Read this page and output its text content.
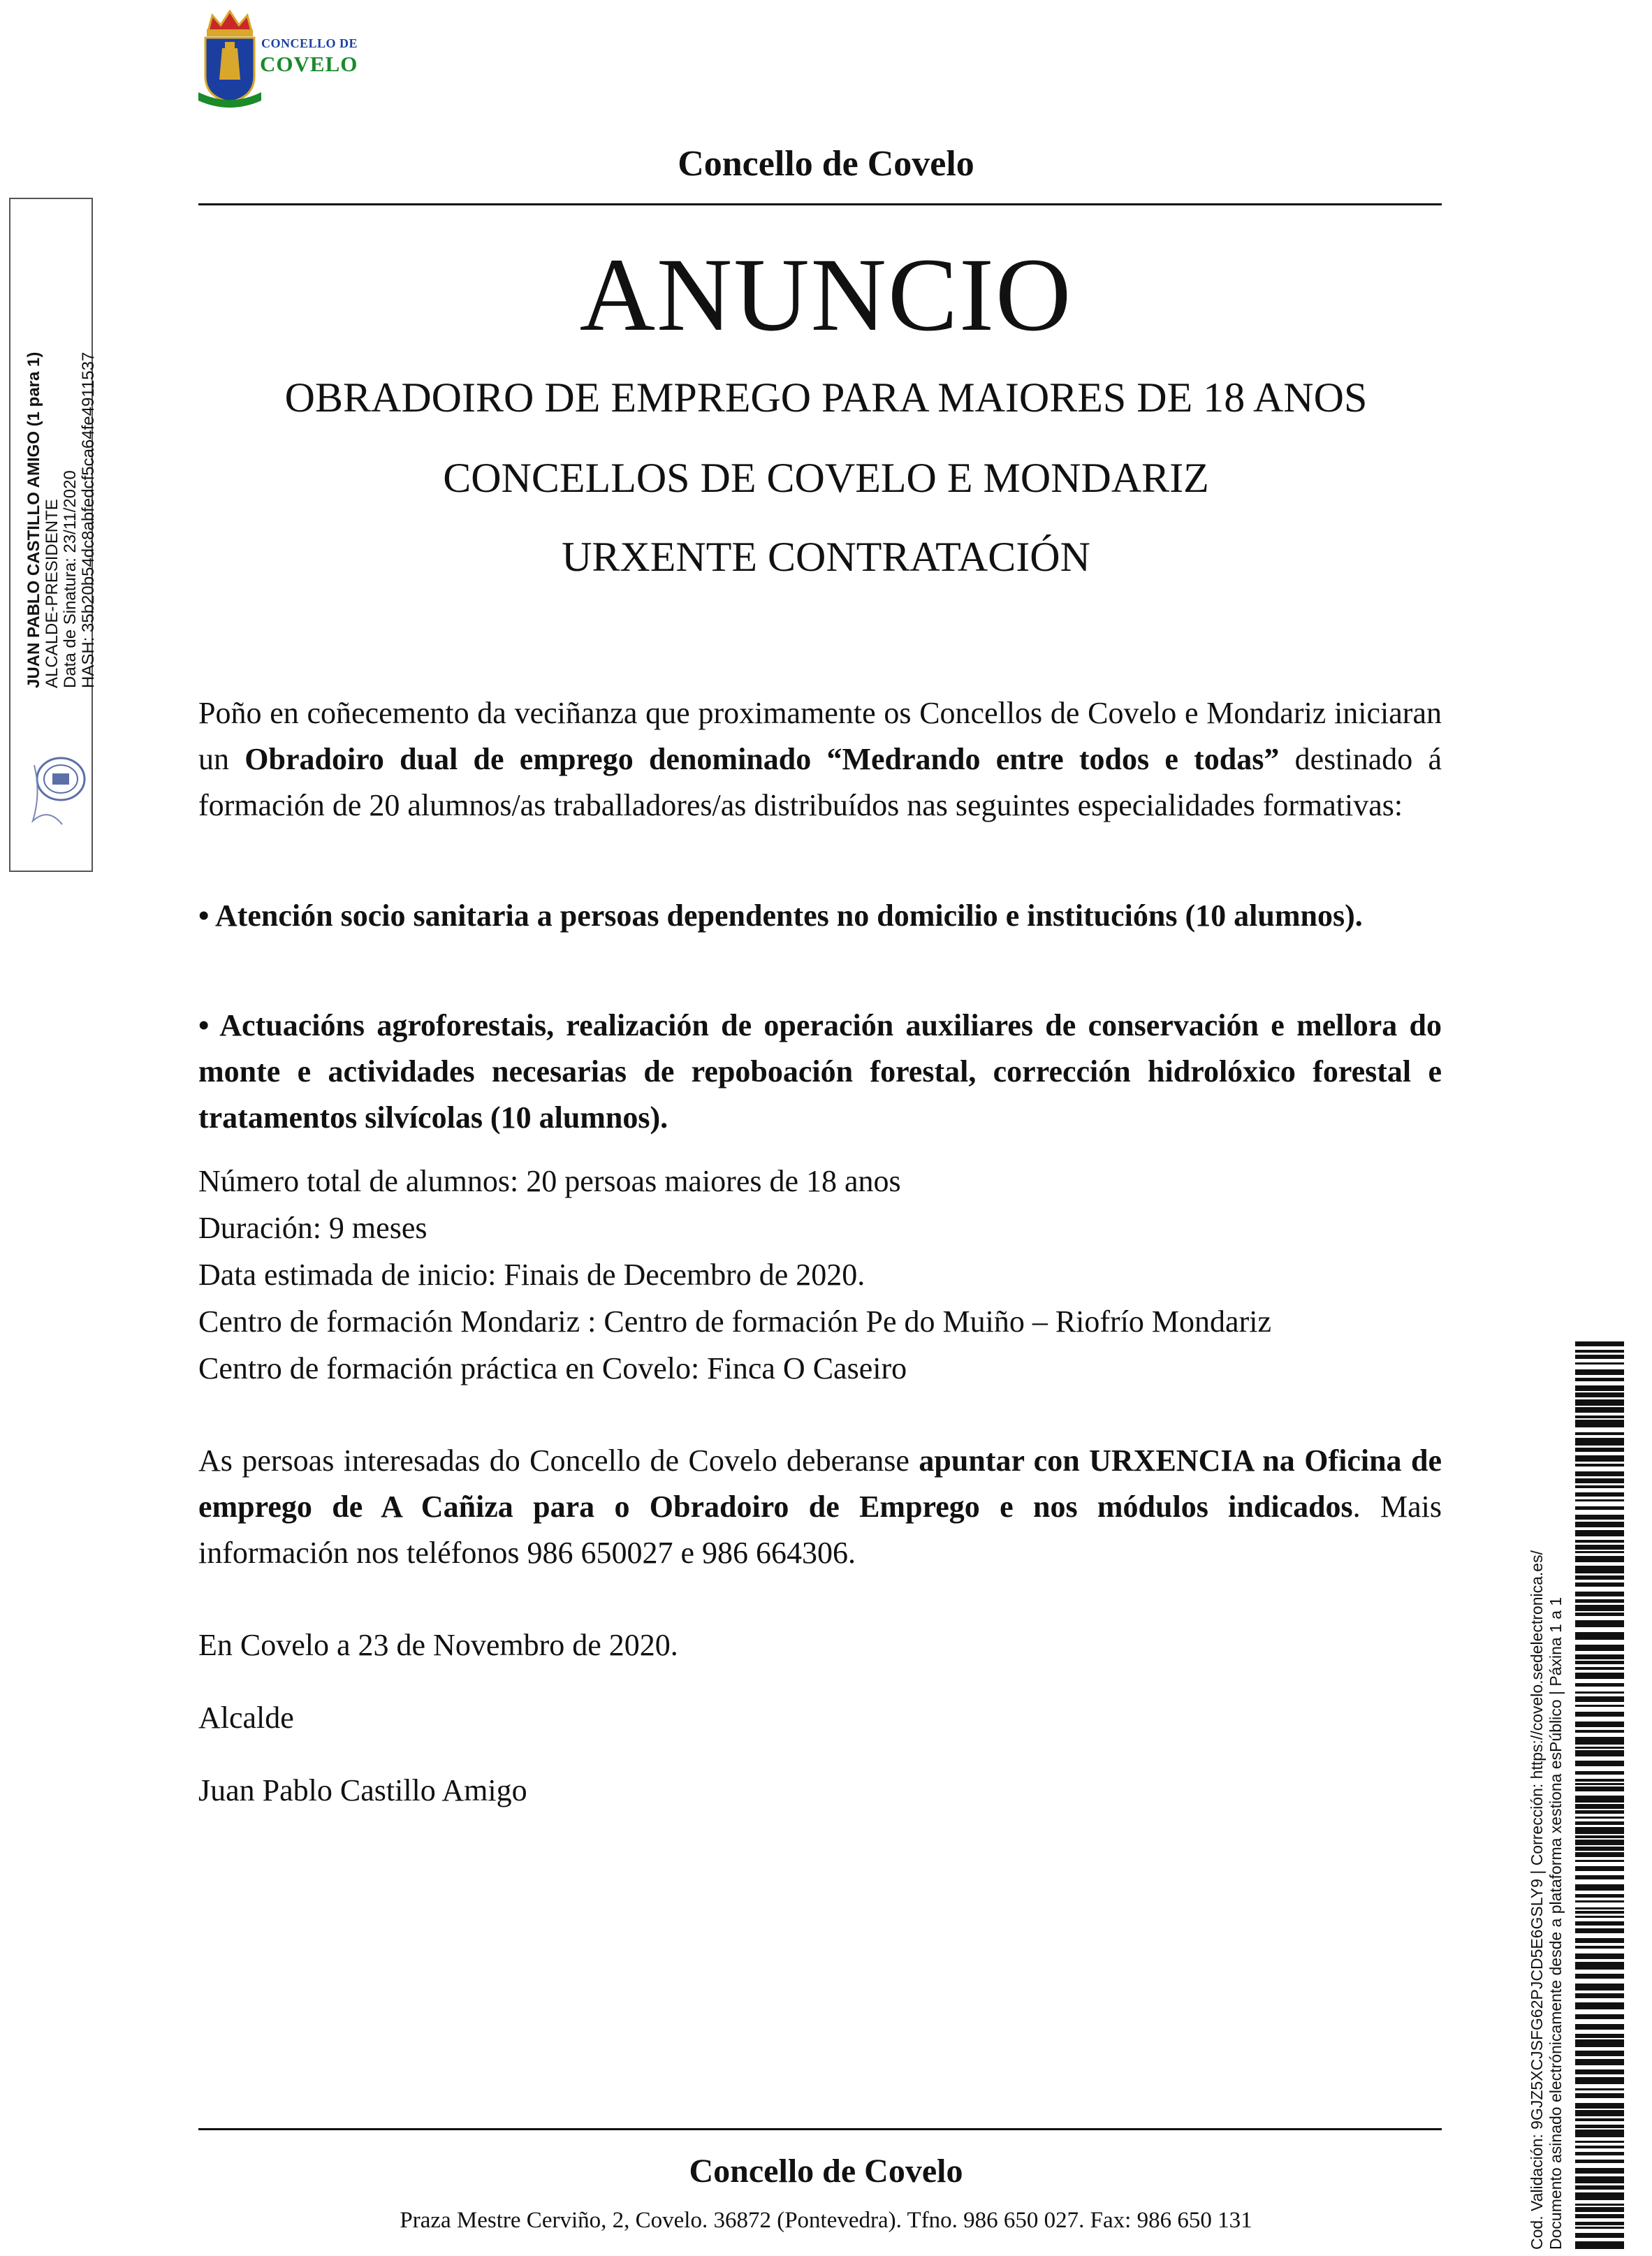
CONCELLO DE
COVELO
Concello de Covelo
ANUNCIO
OBRADOIRO DE EMPREGO PARA MAIORES DE 18 ANOS
CONCELLOS DE COVELO E MONDARIZ
URXENTE CONTRATACIÓN
Poño en coñecemento da veciñanza que proximamente os Concellos de Covelo e Mondariz iniciaran un Obradoiro dual de emprego denominado “Medrando entre todos e todas” destinado á formación de 20 alumnos/as traballadores/as distribuídos nas seguintes especialidades formativas:
• Atención socio sanitaria a persoas dependentes no domicilio e institucións (10 alumnos).
• Actuacións agroforestais, realización de operación auxiliares de conservación e mellora do monte e actividades necesarias de repoboación forestal, corrección hidrolóxico forestal e tratamentos silvícolas (10 alumnos).
Número total de alumnos: 20 persoas maiores de 18 anos
Duración: 9 meses
Data estimada de inicio: Finais de Decembro de 2020.
Centro de formación Mondariz : Centro de formación Pe do Muiño – Riofrío Mondariz
Centro de formación práctica en Covelo: Finca O Caseiro
As persoas interesadas do Concello de Covelo deberanse apuntar con URXENCIA na Oficina de emprego de A Cañiza para o Obradoiro de Emprego e nos módulos indicados. Mais información nos teléfonos 986 650027 e 986 664306.
En Covelo a 23 de Novembro de 2020.
Alcalde
Juan Pablo Castillo Amigo
JUAN PABLO CASTILLO AMIGO (1 para 1) ALCALDE-PRESIDENTE Data de Sinatura: 23/11/2020 HASH: 35b20b54dc8abfedcf5ca64fe4911537
Cod. Validación: 9GJZ5XCJSFG62PJCD5E6GSLY9 | Corrección: https://covelo.sedelectronica.es/ Documento asinado electrónicamente desde a plataforma xestiona esPúblico | Páxina 1 a 1
Concello de Covelo
Praza Mestre Cerviño, 2, Covelo. 36872 (Pontevedra). Tfno. 986 650 027. Fax: 986 650 131
